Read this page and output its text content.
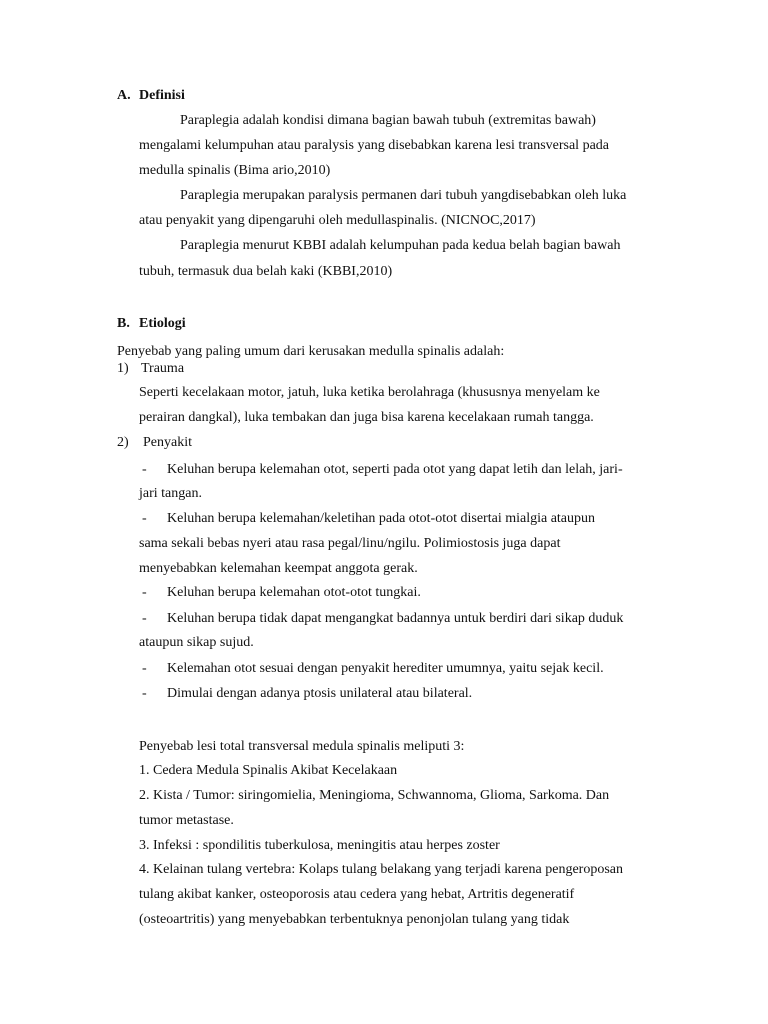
A. Definisi
Paraplegia adalah kondisi dimana bagian bawah tubuh (extremitas bawah)
mengalami kelumpuhan atau paralysis yang disebabkan karena lesi transversal pada
medulla spinalis (Bima ario,2010)
Paraplegia merupakan paralysis permanen dari tubuh yangdisebabkan oleh luka
atau penyakit yang dipengaruhi oleh medullaspinalis. (NICNOC,2017)
Paraplegia menurut KBBI adalah kelumpuhan pada kedua belah bagian bawah
tubuh, termasuk dua belah kaki (KBBI,2010)
B. Etiologi
Penyebab yang paling umum dari kerusakan medulla spinalis adalah:
1) Trauma
Seperti kecelakaan motor, jatuh, luka ketika berolahraga (khususnya menyelam ke
perairan dangkal), luka tembakan dan juga bisa karena kecelakaan rumah tangga.
2) Penyakit
- Keluhan berupa kelemahan otot, seperti pada otot yang dapat letih dan lelah, jari-
jari tangan.
- Keluhan berupa kelemahan/keletihan pada otot-otot disertai mialgia ataupun
sama sekali bebas nyeri atau rasa pegal/linu/ngilu. Polimiostosis juga dapat
menyebabkan kelemahan keempat anggota gerak.
- Keluhan berupa kelemahan otot-otot tungkai.
- Keluhan berupa tidak dapat mengangkat badannya untuk berdiri dari sikap duduk
ataupun sikap sujud.
- Kelemahan otot sesuai dengan penyakit herediter umumnya, yaitu sejak kecil.
- Dimulai dengan adanya ptosis unilateral atau bilateral.
Penyebab lesi total transversal medula spinalis meliputi 3:
1. Cedera Medula Spinalis Akibat Kecelakaan
2. Kista / Tumor: siringomielia, Meningioma, Schwannoma, Glioma, Sarkoma. Dan
tumor metastase.
3. Infeksi : spondilitis tuberkulosa, meningitis atau herpes zoster
4. Kelainan tulang vertebra: Kolaps tulang belakang yang terjadi karena pengeroposan
tulang akibat kanker, osteoporosis atau cedera yang hebat, Artritis degeneratif
(osteoartritis) yang menyebabkan terbentuknya penonjolan tulang yang tidak
